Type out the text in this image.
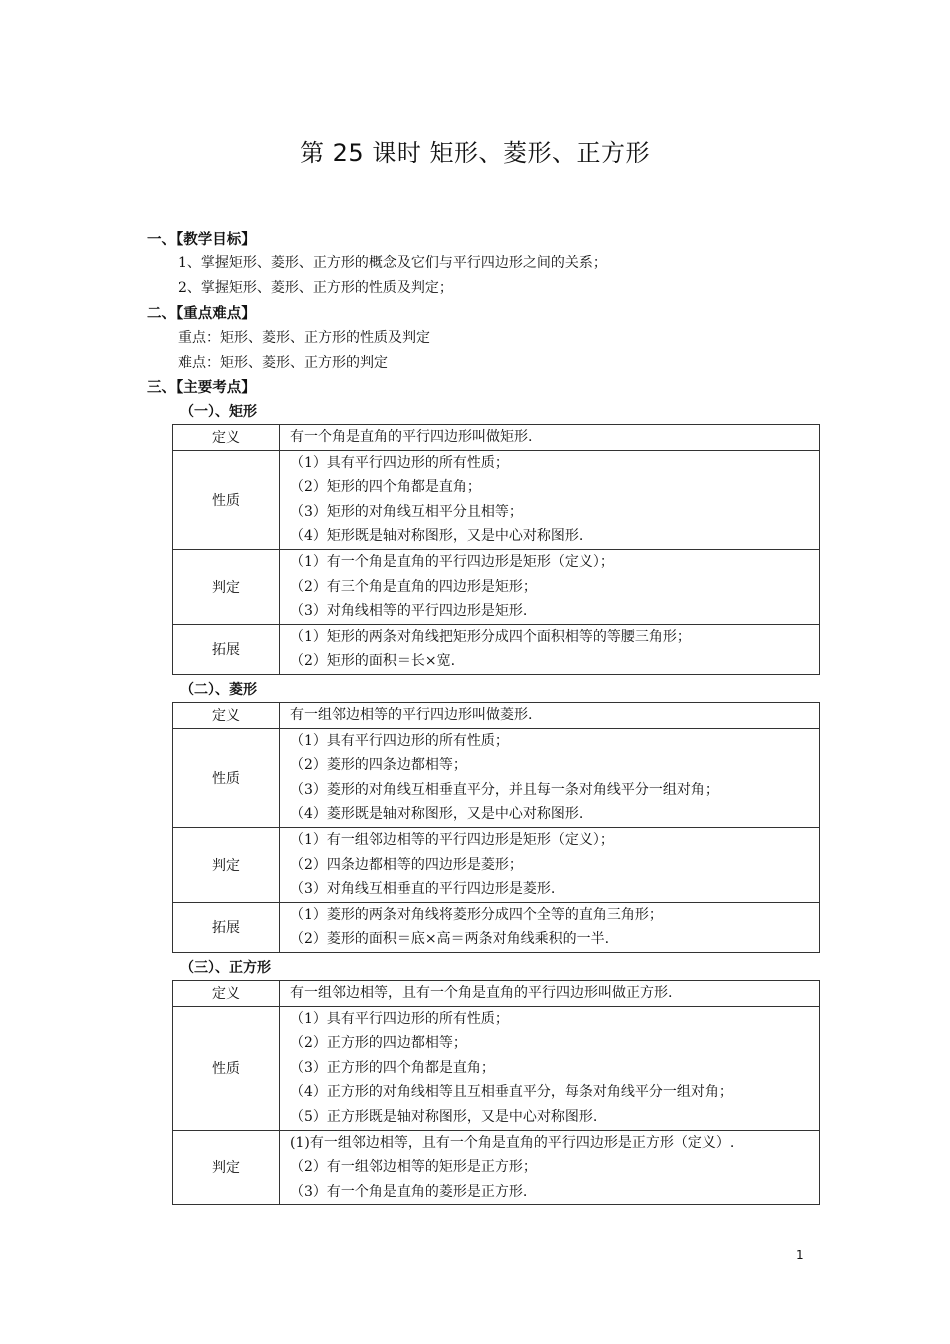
第 25 课时 矩形、菱形、正方形
一、【教学目标】
1、掌握矩形、菱形、正方形的概念及它们与平行四边形之间的关系；
2、掌握矩形、菱形、正方形的性质及判定；
二、【重点难点】
重点：矩形、菱形、正方形的性质及判定
难点：矩形、菱形、正方形的判定
三、【主要考点】
（一）、矩形
定义	有一个角是直角的平行四边形叫做矩形.

性质	（1）具有平行四边形的所有性质；
（2）矩形的四个角都是直角；
（3）矩形的对角线互相平分且相等；
（4）矩形既是轴对称图形，又是中心对称图形.

判定	（1）有一个角是直角的平行四边形是矩形（定义）；
（2）有三个角是直角的四边形是矩形；
（3）对角线相等的平行四边形是矩形.

拓展	（1）矩形的两条对角线把矩形分成四个面积相等的等腰三角形；
（2）矩形的面积＝长×宽.
（二）、菱形
定义	有一组邻边相等的平行四边形叫做菱形.

性质	（1）具有平行四边形的所有性质；
（2）菱形的四条边都相等；
（3）菱形的对角线互相垂直平分，并且每一条对角线平分一组对角；
（4）菱形既是轴对称图形，又是中心对称图形.

判定	（1）有一组邻边相等的平行四边形是矩形（定义）；
（2）四条边都相等的四边形是菱形；
（3）对角线互相垂直的平行四边形是菱形.

拓展	（1）菱形的两条对角线将菱形分成四个全等的直角三角形；
（2）菱形的面积＝底×高＝两条对角线乘积的一半.
（三）、正方形
定义	有一组邻边相等，且有一个角是直角的平行四边形叫做正方形.

性质	（1）具有平行四边形的所有性质；
（2）正方形的四边都相等；
（3）正方形的四个角都是直角；
（4）正方形的对角线相等且互相垂直平分，每条对角线平分一组对角；
（5）正方形既是轴对称图形，又是中心对称图形.

判定	(1)有一组邻边相等，且有一个角是直角的平行四边形是正方形（定义）.
（2）有一组邻边相等的矩形是正方形；
（3）有一个角是直角的菱形是正方形.
1
